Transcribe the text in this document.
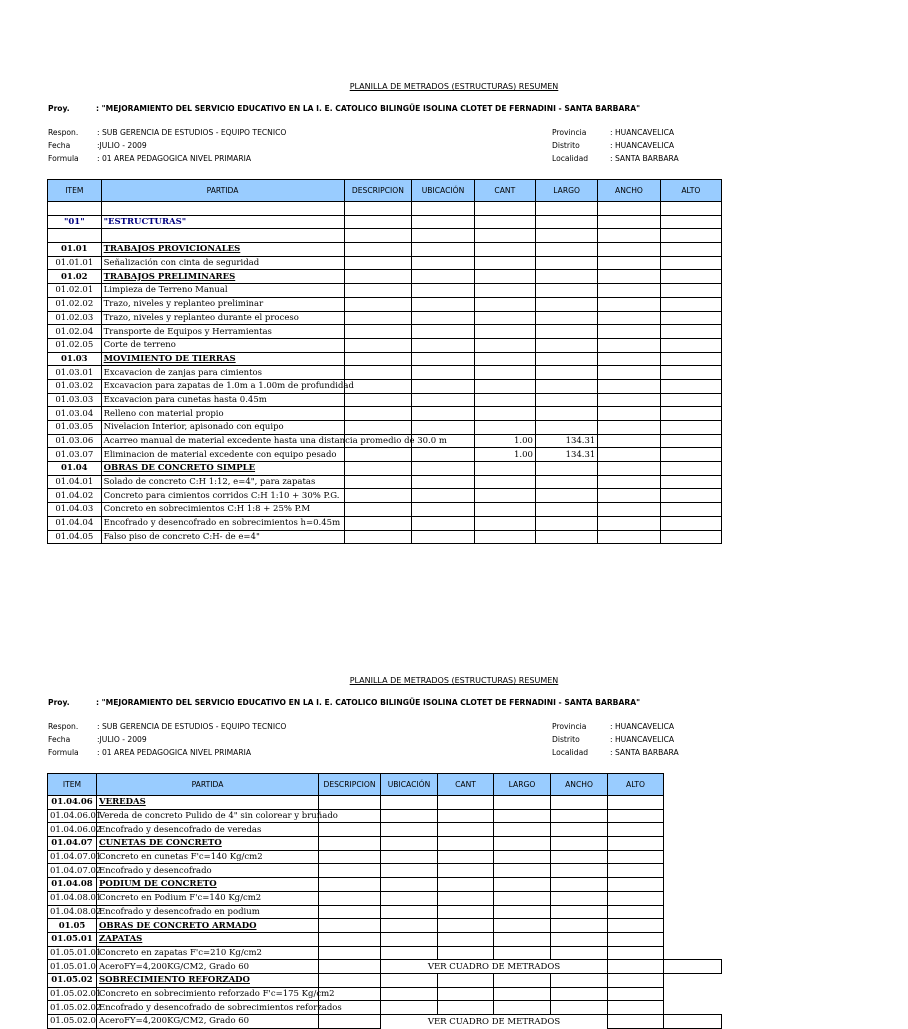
PLANILLA DE METRADOS (ESTRUCTURAS) RESUMEN
Proy.	: "MEJORAMIENTO DEL SERVICIO EDUCATIVO EN LA I. E. CATOLICO BILINGÜE ISOLINA CLOTET DE FERNADINI - SANTA BARBARA"
Respon. : SUB GERENCIA DE ESTUDIOS - EQUIPO TECNICO
Fecha	:JULIO - 2009
Formula : 01 AREA PEDAGOGICA NIVEL PRIMARIA
Provincia	: HUANCAVELICA
Distrito	: HUANCAVELICA
Localidad	: SANTA BARBARA
ITEM	PARTIDA	DESCRIPCION	UBICACIÓN	CANT	LARGO	ANCHO	ALTO

"01"	"ESTRUCTURAS"						

01.01	TRABAJOS PROVICIONALES						
01.01.01	Señalización con cinta de seguridad						
01.02	TRABAJOS PRELIMINARES						
01.02.01	Limpieza de Terreno Manual						
01.02.02	Trazo, niveles y replanteo preliminar						
01.02.03	Trazo, niveles y replanteo durante el proceso						
01.02.04	Transporte de Equipos y Herramientas						
01.02.05	Corte de terreno						
01.03	MOVIMIENTO DE TIERRAS						
01.03.01	Excavacion de zanjas para cimientos						
01.03.02	Excavacion para zapatas de 1.0m a 1.00m de profundidad						
01.03.03	Excavacion para cunetas hasta 0.45m						
01.03.04	Relleno con material propio						
01.03.05	Nivelacion Interior, apisonado con equipo						
01.03.06	Acarreo manual de material excedente hasta una distancia promedio de 30.0 m			1.00	134.31		
01.03.07	Eliminacion de material excedente con equipo pesado			1.00	134.31		
01.04	OBRAS DE CONCRETO SIMPLE						
01.04.01	Solado de concreto C:H 1:12, e=4", para zapatas						
01.04.02	Concreto para cimientos corridos C:H 1:10 + 30% P.G.						
01.04.03	Concreto en sobrecimientos C:H 1:8 + 25% P.M						
01.04.04	Encofrado y desencofrado en sobrecimientos h=0.45m						
01.04.05	Falso piso de concreto C:H- de e=4"						
PLANILLA DE METRADOS (ESTRUCTURAS) RESUMEN
Proy.	: "MEJORAMIENTO DEL SERVICIO EDUCATIVO EN LA I. E. CATOLICO BILINGÜE ISOLINA CLOTET DE FERNADINI - SANTA BARBARA"
Respon. : SUB GERENCIA DE ESTUDIOS - EQUIPO TECNICO
Fecha	:JULIO - 2009
Formula : 01 AREA PEDAGOGICA NIVEL PRIMARIA
Provincia	: HUANCAVELICA
Distrito	: HUANCAVELICA
Localidad	: SANTA BARBARA
ITEM	PARTIDA	DESCRIPCION	UBICACIÓN	CANT	LARGO	ANCHO	ALTO	
01.04.06	VEREDAS							
01.04.06.01	Vereda de concreto Pulido de 4" sin colorear y bruñado							
01.04.06.02	Encofrado y desencofrado de veredas							
01.04.07	CUNETAS DE CONCRETO							
01.04.07.01	Concreto en cunetas F'c=140 Kg/cm2							
01.04.07.02	Encofrado y desencofrado							
01.04.08	PODIUM DE CONCRETO							
01.04.08.01	Concreto en Podium F'c=140 Kg/cm2							
01.04.08.02	Encofrado y desencofrado en podium							
01.05	OBRAS DE CONCRETO ARMADO							
01.05.01	ZAPATAS							
01.05.01.01	Concreto en zapatas F'c=210 Kg/cm2							
01.05.01.0	AceroFY=4,200KG/CM2, Grado 60		VER CUADRO DE METRADOS					
01.05.02	SOBRECIMIENTO REFORZADO							
01.05.02.01	Concreto en sobrecimiento reforzado F'c=175 Kg/cm2							
01.05.02.02	Encofrado y desencofrado de sobrecimientos reforzados							
01.05.02.0	AceroFY=4,200KG/CM2, Grado 60		VER CUADRO DE METRADOS					
